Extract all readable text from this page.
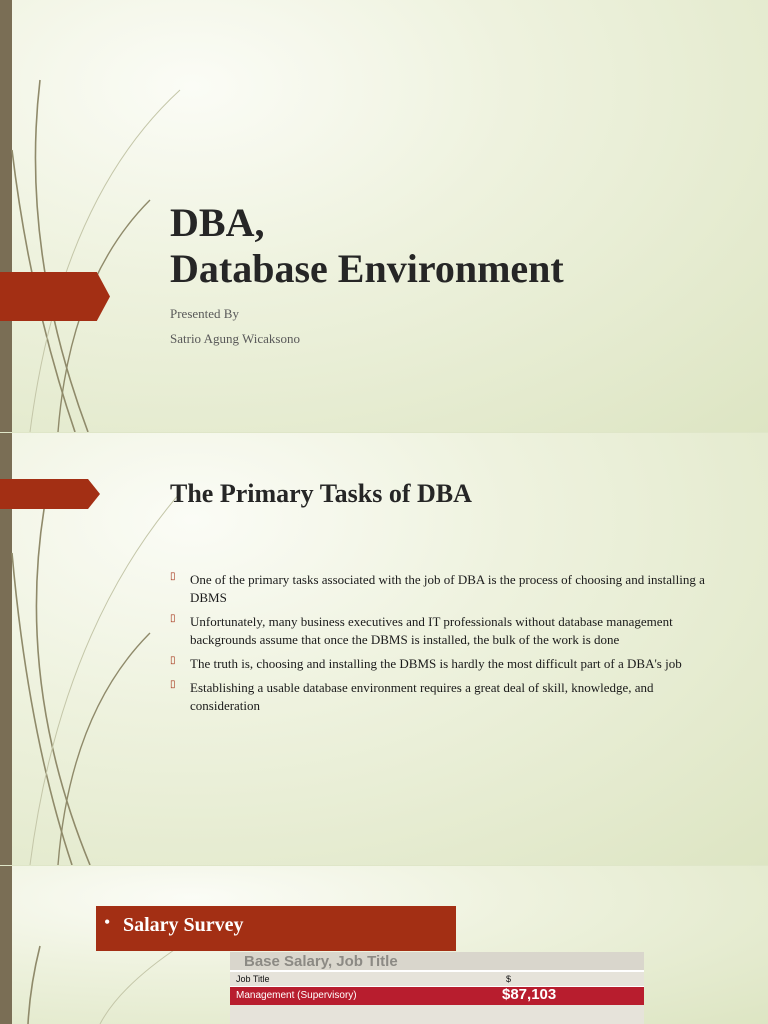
DBA,
Database Environment
Presented By
Satrio Agung Wicaksono
The Primary Tasks of DBA
▯ One of the primary tasks associated with the job of DBA is the process of choosing and installing a DBMS
▯ Unfortunately, many business executives and IT professionals without database management backgrounds assume that once the DBMS is installed, the bulk of the work is done
▯ The truth is, choosing and installing the DBMS is hardly the most difficult part of a DBA's job
▯ Establishing a usable database environment requires a great deal of skill, knowledge, and consideration
• Salary Survey
Base Salary, Job Title
Job Title	$
Management (Supervisory)	$87,103
